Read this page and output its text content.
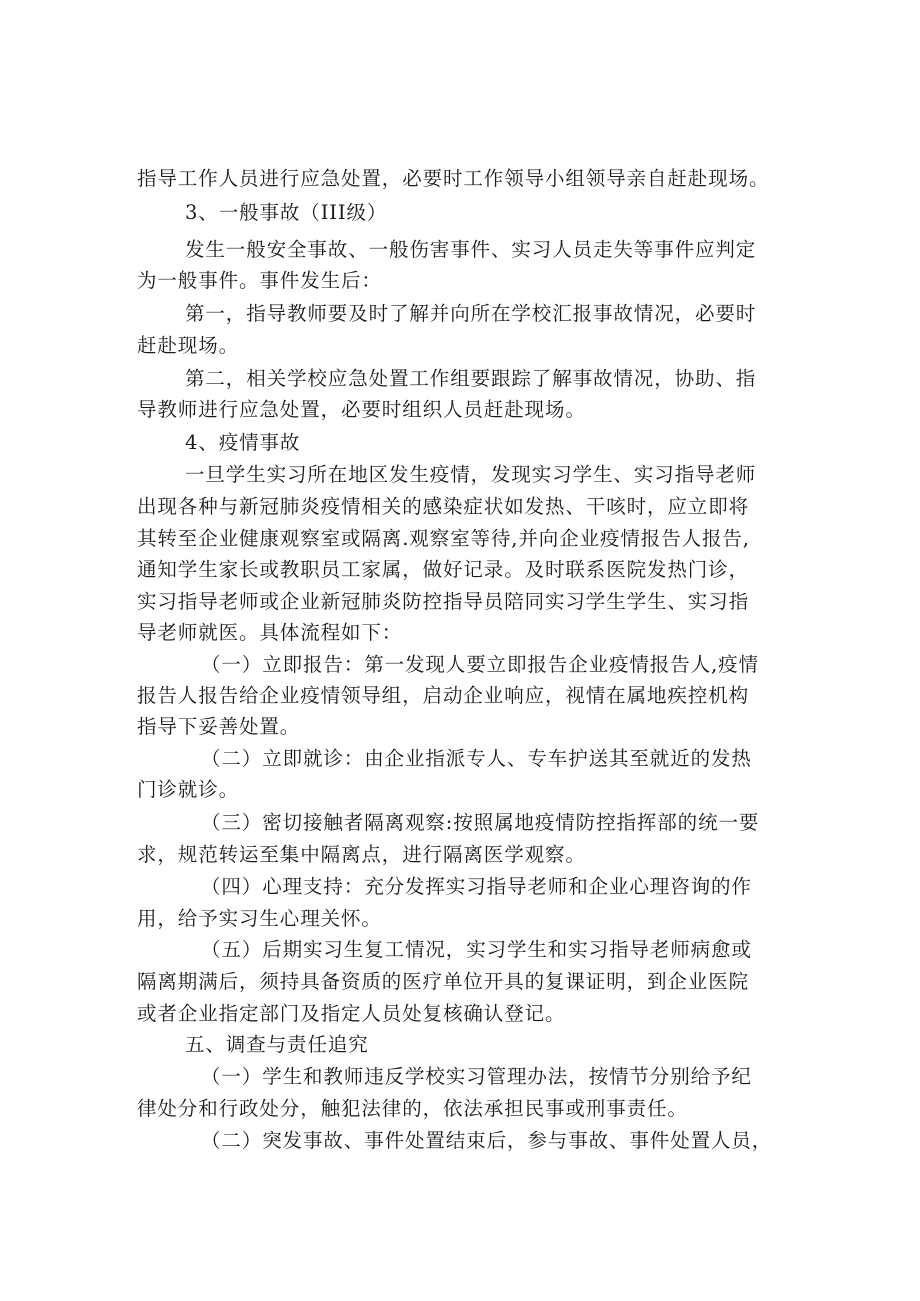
指导工作人员进行应急处置，必要时工作领导小组领导亲自赶赴现场。
3、一般事故（III级）
发生一般安全事故、一般伤害事件、实习人员走失等事件应判定
为一般事件。事件发生后：
第一，指导教师要及时了解并向所在学校汇报事故情况，必要时
赶赴现场。
第二，相关学校应急处置工作组要跟踪了解事故情况，协助、指
导教师进行应急处置，必要时组织人员赶赴现场。
4、疫情事故
一旦学生实习所在地区发生疫情，发现实习学生、实习指导老师
出现各种与新冠肺炎疫情相关的感染症状如发热、干咳时，应立即将
其转至企业健康观察室或隔离.观察室等待,并向企业疫情报告人报告,
通知学生家长或教职员工家属，做好记录。及时联系医院发热门诊，
实习指导老师或企业新冠肺炎防控指导员陪同实习学生学生、实习指
导老师就医。具体流程如下：
（一）立即报告：第一发现人要立即报告企业疫情报告人,疫情
报告人报告给企业疫情领导组，启动企业响应，视情在属地疾控机构
指导下妥善处置。
（二）立即就诊：由企业指派专人、专车护送其至就近的发热
门诊就诊。
（三）密切接触者隔离观察:按照属地疫情防控指挥部的统一要
求，规范转运至集中隔离点，进行隔离医学观察。
（四）心理支持：充分发挥实习指导老师和企业心理咨询的作
用，给予实习生心理关怀。
（五）后期实习生复工情况，实习学生和实习指导老师病愈或
隔离期满后，须持具备资质的医疗单位开具的复课证明，到企业医院
或者企业指定部门及指定人员处复核确认登记。
五、调查与责任追究
（一）学生和教师违反学校实习管理办法，按情节分别给予纪
律处分和行政处分，触犯法律的，依法承担民事或刑事责任。
（二）突发事故、事件处置结束后，参与事故、事件处置人员，
